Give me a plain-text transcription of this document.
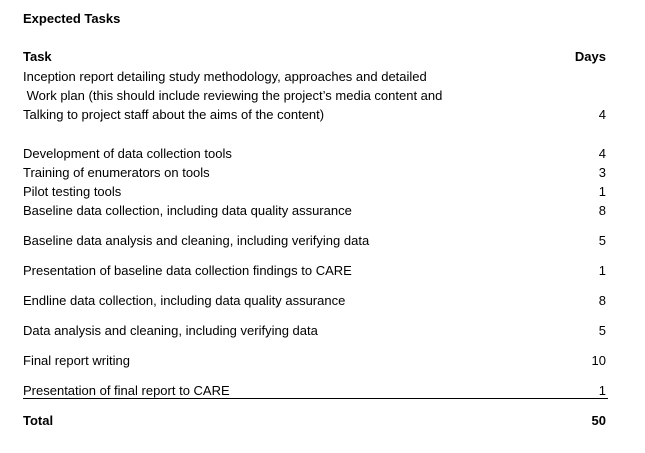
Expected Tasks
Task	Days
Inception report detailing study methodology, approaches and detailed
Work plan (this should include reviewing the project’s media content and
Talking to project staff about the aims of the content)	4
Development of data collection tools	4
Training of enumerators on tools	3
Pilot testing tools	1
Baseline data collection, including data quality assurance	8
Baseline data analysis and cleaning, including verifying data	5
Presentation of baseline data collection findings to CARE	1
Endline data collection, including data quality assurance	8
Data analysis and cleaning, including verifying data	5
Final report writing	10
Presentation of final report to CARE	1
Total	50
